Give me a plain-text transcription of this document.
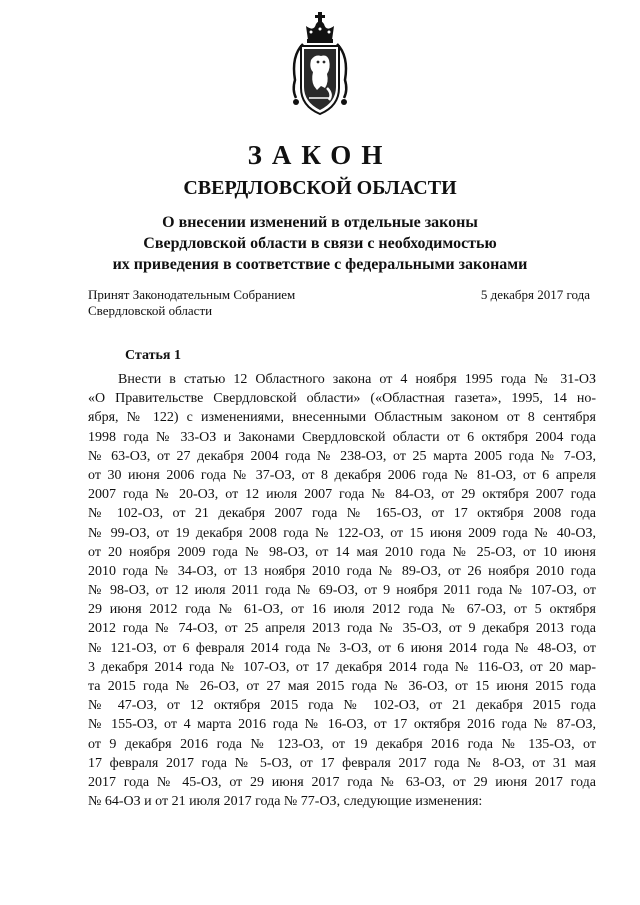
ЗАКОН
СВЕРДЛОВСКОЙ ОБЛАСТИ
О внесении изменений в отдельные законы
Свердловской области в связи с необходимостью
их приведения в соответствие с федеральными законами
Принят Законодательным Собранием
Свердловской области
5 декабря 2017 года
Статья 1
Внести в статью 12 Областного закона от 4 ноября 1995 года № 31-ОЗ
«О Правительстве Свердловской области» («Областная газета», 1995, 14 но-
ября, № 122) с изменениями, внесенными Областным законом от 8 сентября
1998 года № 33-ОЗ и Законами Свердловской области от 6 октября 2004 года
№ 63-ОЗ, от 27 декабря 2004 года № 238-ОЗ, от 25 марта 2005 года № 7-ОЗ,
от 30 июня 2006 года № 37-ОЗ, от 8 декабря 2006 года № 81-ОЗ, от 6 апреля
2007 года № 20-ОЗ, от 12 июля 2007 года № 84-ОЗ, от 29 октября 2007 года
№ 102-ОЗ, от 21 декабря 2007 года № 165-ОЗ, от 17 октября 2008 года
№ 99-ОЗ, от 19 декабря 2008 года № 122-ОЗ, от 15 июня 2009 года № 40-ОЗ,
от 20 ноября 2009 года № 98-ОЗ, от 14 мая 2010 года № 25-ОЗ, от 10 июня
2010 года № 34-ОЗ, от 13 ноября 2010 года № 89-ОЗ, от 26 ноября 2010 года
№ 98-ОЗ, от 12 июля 2011 года № 69-ОЗ, от 9 ноября 2011 года № 107-ОЗ, от
29 июня 2012 года № 61-ОЗ, от 16 июля 2012 года № 67-ОЗ, от 5 октября
2012 года № 74-ОЗ, от 25 апреля 2013 года № 35-ОЗ, от 9 декабря 2013 года
№ 121-ОЗ, от 6 февраля 2014 года № 3-ОЗ, от 6 июня 2014 года № 48-ОЗ, от
3 декабря 2014 года № 107-ОЗ, от 17 декабря 2014 года № 116-ОЗ, от 20 мар-
та 2015 года № 26-ОЗ, от 27 мая 2015 года № 36-ОЗ, от 15 июня 2015 года
№ 47-ОЗ, от 12 октября 2015 года № 102-ОЗ, от 21 декабря 2015 года
№ 155-ОЗ, от 4 марта 2016 года № 16-ОЗ, от 17 октября 2016 года № 87-ОЗ,
от 9 декабря 2016 года № 123-ОЗ, от 19 декабря 2016 года № 135-ОЗ, от
17 февраля 2017 года № 5-ОЗ, от 17 февраля 2017 года № 8-ОЗ, от 31 мая
2017 года № 45-ОЗ, от 29 июня 2017 года № 63-ОЗ, от 29 июня 2017 года
№ 64-ОЗ и от 21 июля 2017 года № 77-ОЗ, следующие изменения:
